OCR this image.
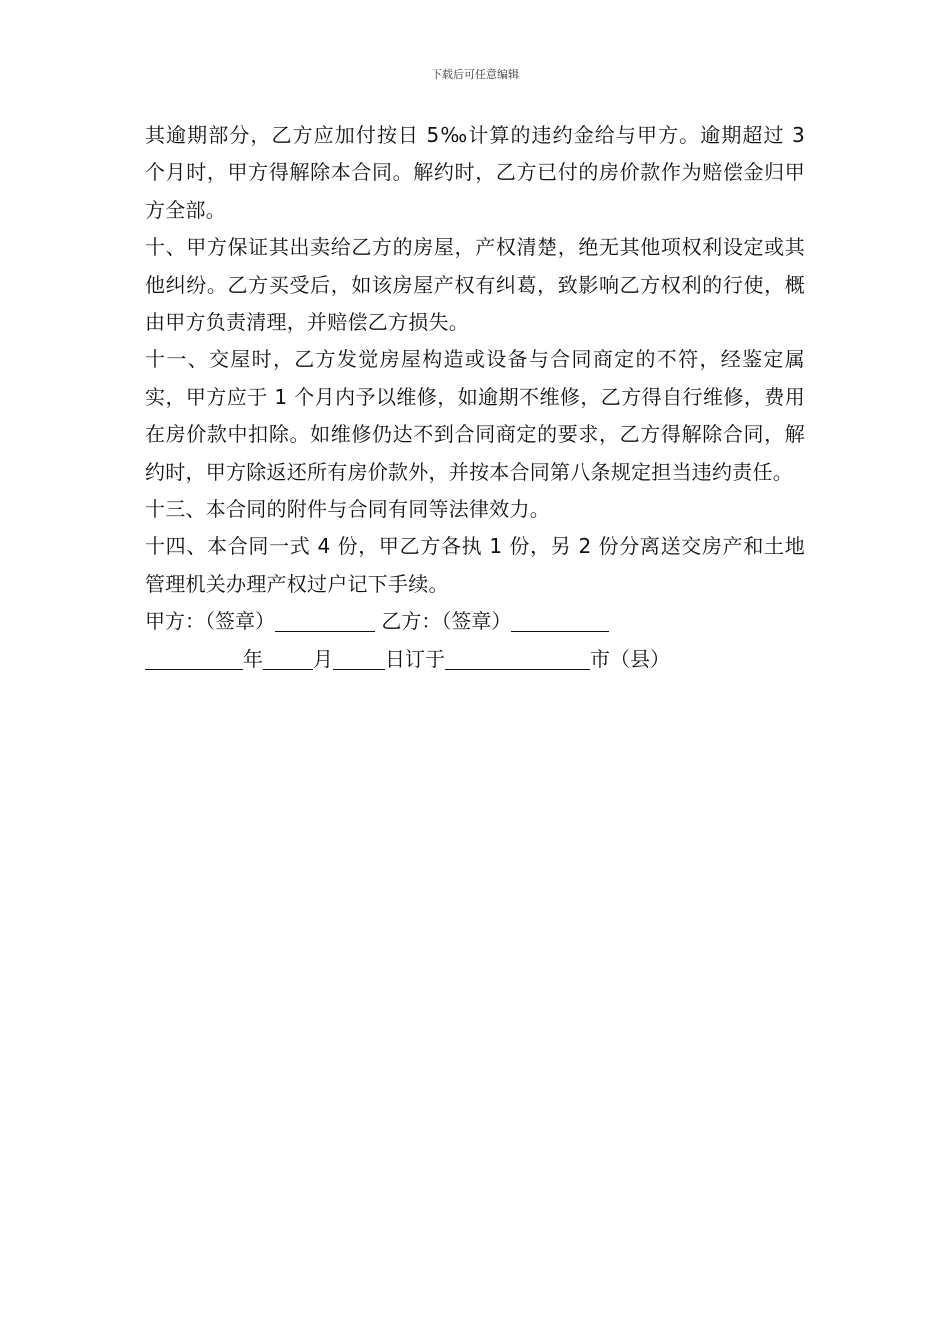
下载后可任意编辑

其逾期部分，乙方应加付按日 5‰计算的违约金给与甲方。逾期超过 3 个月时，甲方得解除本合同。解约时，乙方已付的房价款作为赔偿金归甲方全部。

十、甲方保证其出卖给乙方的房屋，产权清楚，绝无其他项权利设定或其他纠纷。乙方买受后，如该房屋产权有纠葛，致影响乙方权利的行使，概由甲方负责清理，并赔偿乙方损失。

十一、交屋时，乙方发觉房屋构造或设备与合同商定的不符，经鉴定属实，甲方应于 1 个月内予以维修，如逾期不维修，乙方得自行维修，费用在房价款中扣除。如维修仍达不到合同商定的要求，乙方得解除合同，解约时，甲方除返还所有房价款外，并按本合同第八条规定担当违约责任。

十三、本合同的附件与合同有同等法律效力。

十四、本合同一式 4 份，甲乙方各执 1 份，另 2 份分离送交房产和土地管理机关办理产权过户记下手续。

甲方：（签章）	乙方：（签章）

年	月	日订于	市（县）
